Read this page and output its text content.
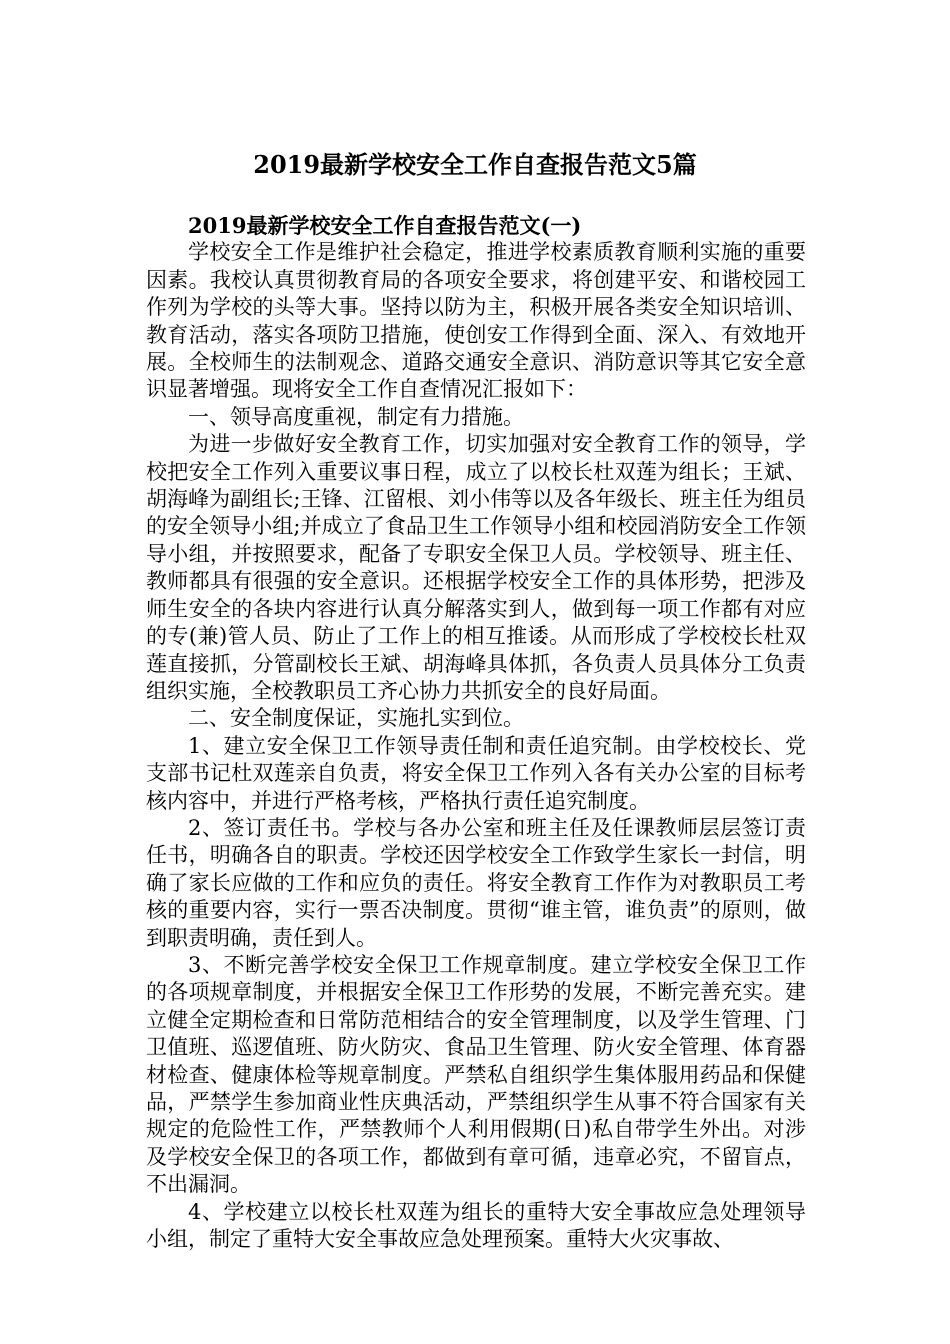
2019最新学校安全工作自查报告范文5篇

2019最新学校安全工作自查报告范文(一)

学校安全工作是维护社会稳定，推进学校素质教育顺利实施的重要因素。我校认真贯彻教育局的各项安全要求，将创建平安、和谐校园工作列为学校的头等大事。坚持以防为主，积极开展各类安全知识培训、教育活动，落实各项防卫措施，使创安工作得到全面、深入、有效地开展。全校师生的法制观念、道路交通安全意识、消防意识等其它安全意识显著增强。现将安全工作自查情况汇报如下：

一、领导高度重视，制定有力措施。

为进一步做好安全教育工作，切实加强对安全教育工作的领导，学校把安全工作列入重要议事日程，成立了以校长杜双莲为组长；王斌、胡海峰为副组长;王锋、江留根、刘小伟等以及各年级长、班主任为组员的安全领导小组;并成立了食品卫生工作领导小组和校园消防安全工作领导小组，并按照要求，配备了专职安全保卫人员。学校领导、班主任、教师都具有很强的安全意识。还根据学校安全工作的具体形势，把涉及师生安全的各块内容进行认真分解落实到人，做到每一项工作都有对应的专(兼)管人员、防止了工作上的相互推诿。从而形成了学校校长杜双莲直接抓，分管副校长王斌、胡海峰具体抓，各负责人员具体分工负责组织实施，全校教职员工齐心协力共抓安全的良好局面。

二、安全制度保证，实施扎实到位。

1、建立安全保卫工作领导责任制和责任追究制。由学校校长、党支部书记杜双莲亲自负责，将安全保卫工作列入各有关办公室的目标考核内容中，并进行严格考核，严格执行责任追究制度。

2、签订责任书。学校与各办公室和班主任及任课教师层层签订责任书，明确各自的职责。学校还因学校安全工作致学生家长一封信，明确了家长应做的工作和应负的责任。将安全教育工作作为对教职员工考核的重要内容，实行一票否决制度。贯彻“谁主管，谁负责”的原则，做到职责明确，责任到人。

3、不断完善学校安全保卫工作规章制度。建立学校安全保卫工作的各项规章制度，并根据安全保卫工作形势的发展，不断完善充实。建立健全定期检查和日常防范相结合的安全管理制度，以及学生管理、门卫值班、巡逻值班、防火防灾、食品卫生管理、防火安全管理、体育器材检查、健康体检等规章制度。严禁私自组织学生集体服用药品和保健品，严禁学生参加商业性庆典活动，严禁组织学生从事不符合国家有关规定的危险性工作，严禁教师个人利用假期(日)私自带学生外出。对涉及学校安全保卫的各项工作，都做到有章可循，违章必究，不留盲点，不出漏洞。

4、学校建立以校长杜双莲为组长的重特大安全事故应急处理领导小组，制定了重特大安全事故应急处理预案。重特大火灾事故、
